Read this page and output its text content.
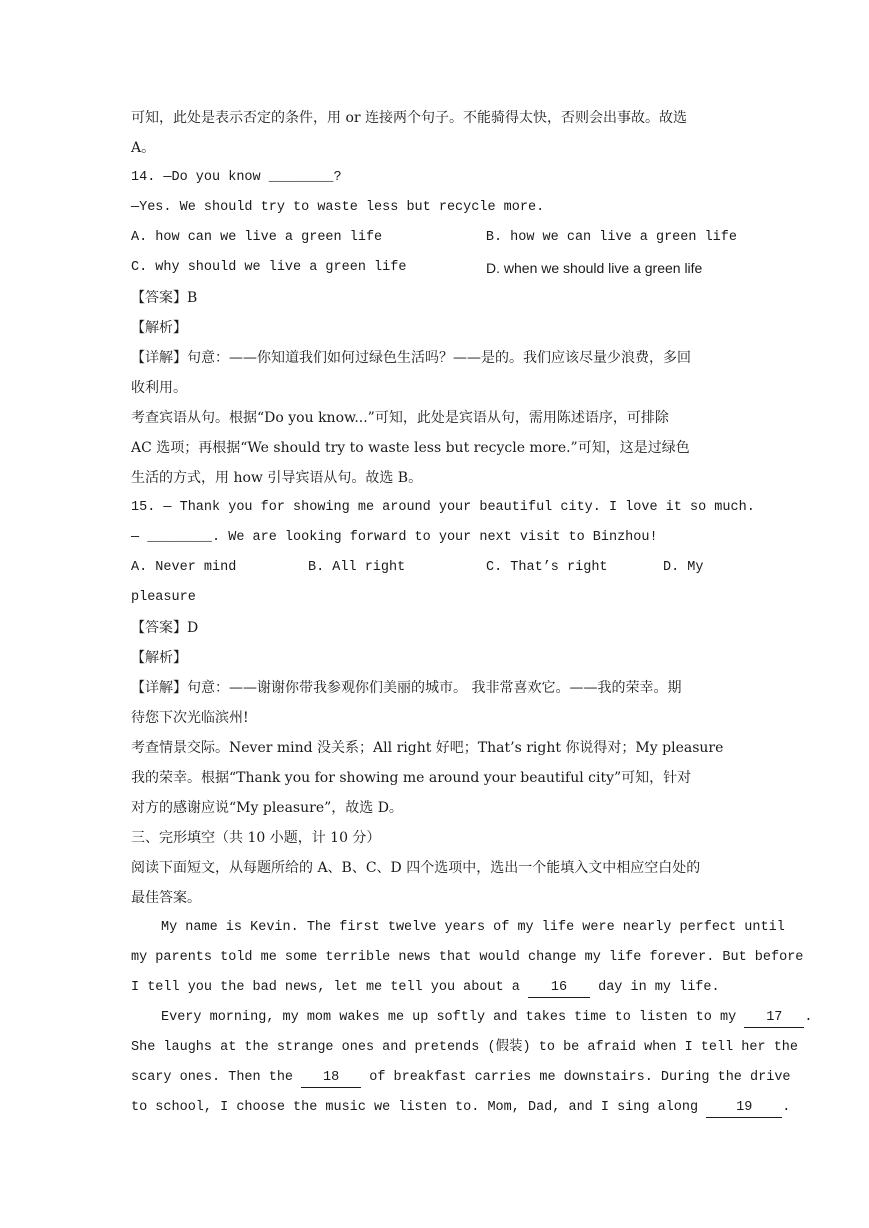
可知，此处是表示否定的条件，用 or 连接两个句子。不能骑得太快，否则会出事故。故选
A。
14. —Do you know ________?
—Yes. We should try to waste less but recycle more.
A. how can we live a green life	B. how we can live a green life
C. why should we live a green life	D. when we should live a green life
【答案】B
【解析】
【详解】句意：——你知道我们如何过绿色生活吗？——是的。我们应该尽量少浪费，多回
收利用。
考查宾语从句。根据“Do you know...”可知，此处是宾语从句，需用陈述语序，可排除
AC 选项；再根据“We should try to waste less but recycle more.”可知，这是过绿色
生活的方式，用 how 引导宾语从句。故选 B。
15. — Thank you for showing me around your beautiful city. I love it so much.
— ________. We are looking forward to your next visit to Binzhou!
A. Never mind	B. All right	C. That’s right	D. My
pleasure
【答案】D
【解析】
【详解】句意：——谢谢你带我参观你们美丽的城市。 我非常喜欢它。——我的荣幸。期
待您下次光临滨州!
考查情景交际。Never mind 没关系；All right 好吧；That’s right 你说得对；My pleasure
我的荣幸。根据“Thank you for showing me around your beautiful city”可知，针对
对方的感谢应说“My pleasure”，故选 D。
三、完形填空（共 10 小题，计 10 分）
阅读下面短文，从每题所给的 A、B、C、D 四个选项中，选出一个能填入文中相应空白处的
最佳答案。
My name is Kevin. The first twelve years of my life were nearly perfect until
my parents told me some terrible news that would change my life forever. But before
I tell you the bad news, let me tell you about a 16 day in my life.
Every morning, my mom wakes me up softly and takes time to listen to my 17 .
She laughs at the strange ones and pretends (假装) to be afraid when I tell her the
scary ones. Then the 18 of breakfast carries me downstairs. During the drive
to school, I choose the music we listen to. Mom, Dad, and I sing along	19 .
